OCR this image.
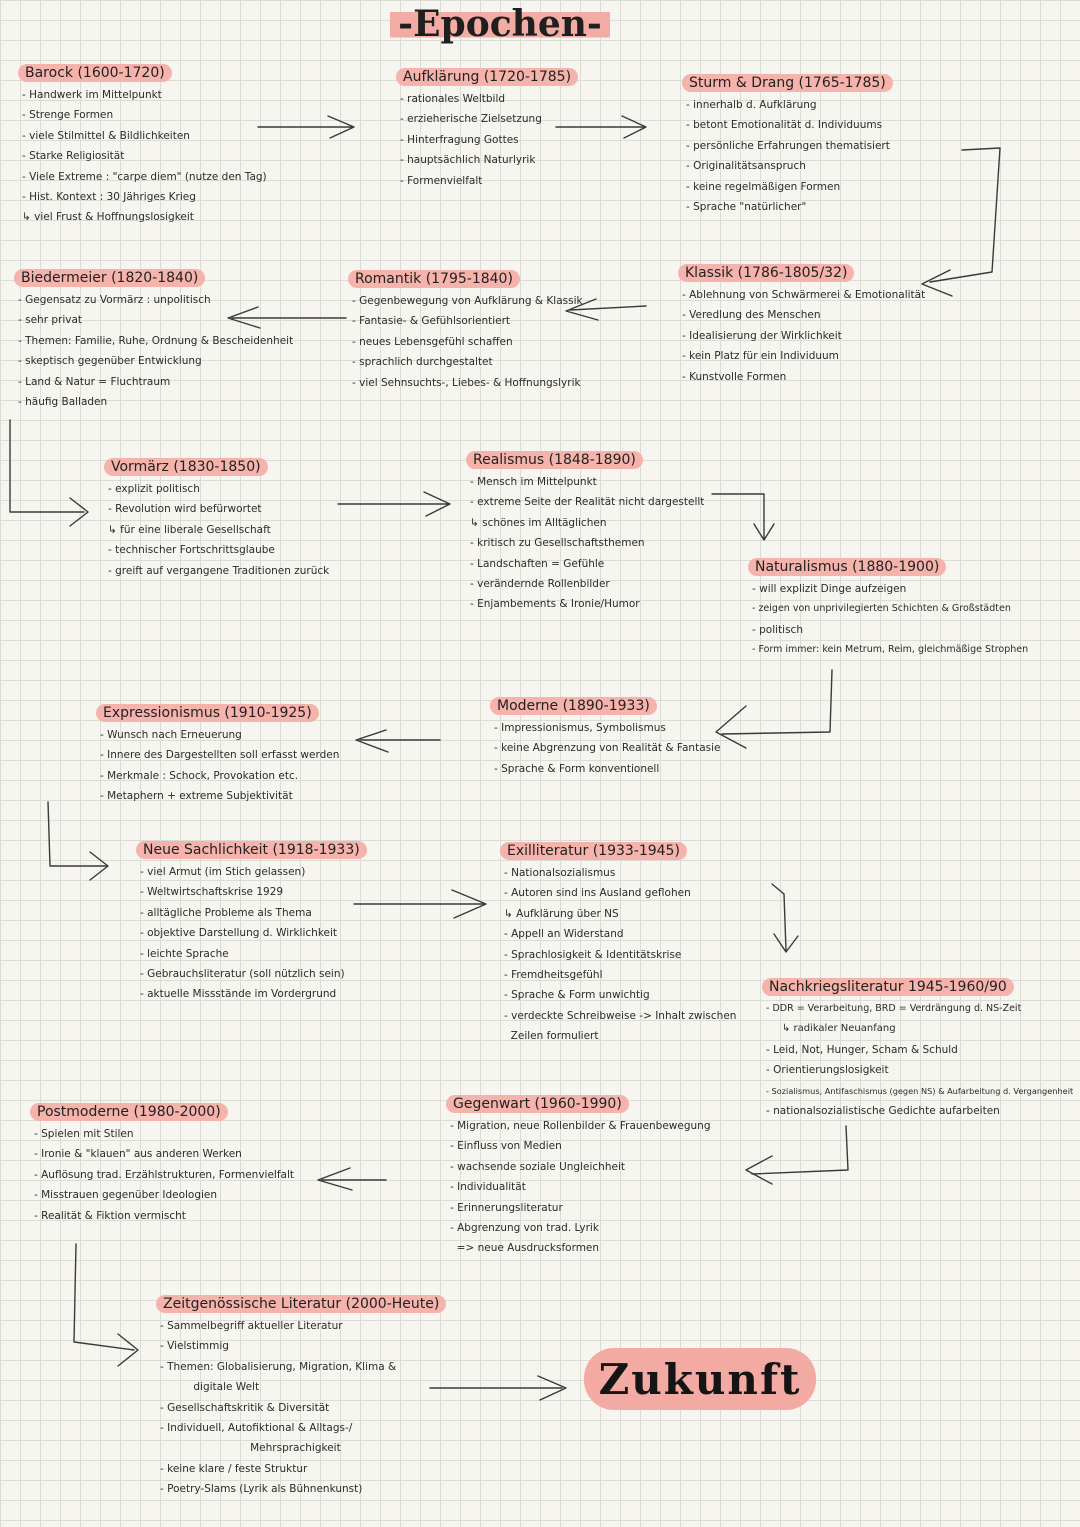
-Epochen-
Barock (1600-1720)
- Handwerk im Mittelpunkt
- Strenge Formen
- viele Stilmittel & Bildlichkeiten
- Starke Religiosität
- Viele Extreme : "carpe diem" (nutze den Tag)
- Hist. Kontext : 30 Jähriges Krieg
↳ viel Frust & Hoffnungslosigkeit
Aufklärung (1720-1785)
- rationales Weltbild
- erzieherische Zielsetzung
- Hinterfragung Gottes
- hauptsächlich Naturlyrik
- Formenvielfalt
Sturm & Drang (1765-1785)
- innerhalb d. Aufklärung
- betont Emotionalität d. Individuums
- persönliche Erfahrungen thematisiert
- Originalitätsanspruch
- keine regelmäßigen Formen
- Sprache "natürlicher"
Biedermeier (1820-1840)
- Gegensatz zu Vormärz : unpolitisch
- sehr privat
- Themen: Familie, Ruhe, Ordnung & Bescheidenheit
- skeptisch gegenüber Entwicklung
- Land & Natur = Fluchtraum
- häufig Balladen
Romantik (1795-1840)
- Gegenbewegung von Aufklärung & Klassik
- Fantasie- & Gefühlsorientiert
- neues Lebensgefühl schaffen
- sprachlich durchgestaltet
- viel Sehnsuchts-, Liebes- & Hoffnungslyrik
Klassik (1786-1805/32)
- Ablehnung von Schwärmerei & Emotionalität
- Veredlung des Menschen
- Idealisierung der Wirklichkeit
- kein Platz für ein Individuum
- Kunstvolle Formen
Vormärz (1830-1850)
- explizit politisch
- Revolution wird befürwortet
↳ für eine liberale Gesellschaft
- technischer Fortschrittsglaube
- greift auf vergangene Traditionen zurück
Realismus (1848-1890)
- Mensch im Mittelpunkt
- extreme Seite der Realität nicht dargestellt
↳ schönes im Alltäglichen
- kritisch zu Gesellschaftsthemen
- Landschaften = Gefühle
- verändernde Rollenbilder
- Enjambements & Ironie/Humor
Naturalismus (1880-1900)
- will explizit Dinge aufzeigen
- zeigen von unprivilegierten Schichten & Großstädten
- politisch
- Form immer: kein Metrum, Reim, gleichmäßige Strophen
Expressionismus (1910-1925)
- Wunsch nach Erneuerung
- Innere des Dargestellten soll erfasst werden
- Merkmale : Schock, Provokation etc.
- Metaphern + extreme Subjektivität
Moderne (1890-1933)
- Impressionismus, Symbolismus
- keine Abgrenzung von Realität & Fantasie
- Sprache & Form konventionell
Neue Sachlichkeit (1918-1933)
- viel Armut (im Stich gelassen)
- Weltwirtschaftskrise 1929
- alltägliche Probleme als Thema
- objektive Darstellung d. Wirklichkeit
- leichte Sprache
- Gebrauchsliteratur (soll nützlich sein)
- aktuelle Missstände im Vordergrund
Exilliteratur (1933-1945)
- Nationalsozialismus
- Autoren sind ins Ausland geflohen
↳ Aufklärung über NS
- Appell an Widerstand
- Sprachlosigkeit & Identitätskrise
- Fremdheitsgefühl
- Sprache & Form unwichtig
- verdeckte Schreibweise -> Inhalt zwischen
Zeilen formuliert
Nachkriegsliteratur 1945-1960/90
- DDR = Verarbeitung, BRD = Verdrängung d. NS-Zeit
↳ radikaler Neuanfang
- Leid, Not, Hunger, Scham & Schuld
- Orientierungslosigkeit
- Sozialismus, Antifaschismus (gegen NS) & Aufarbeitung d. Vergangenheit
- nationalsozialistische Gedichte aufarbeiten
Postmoderne (1980-2000)
- Spielen mit Stilen
- Ironie & "klauen" aus anderen Werken
- Auflösung trad. Erzählstrukturen, Formenvielfalt
- Misstrauen gegenüber Ideologien
- Realität & Fiktion vermischt
Gegenwart (1960-1990)
- Migration, neue Rollenbilder & Frauenbewegung
- Einfluss von Medien
- wachsende soziale Ungleichheit
- Individualität
- Erinnerungsliteratur
- Abgrenzung von trad. Lyrik
=> neue Ausdrucksformen
Zeitgenössische Literatur (2000-Heute)
- Sammelbegriff aktueller Literatur
- Vielstimmig
- Themen: Globalisierung, Migration, Klima &
digitale Welt
- Gesellschaftskritik & Diversität
- Individuell, Autofiktional & Alltags-/
Mehrsprachigkeit
- keine klare / feste Struktur
- Poetry-Slams (Lyrik als Bühnenkunst)
Zukunft
